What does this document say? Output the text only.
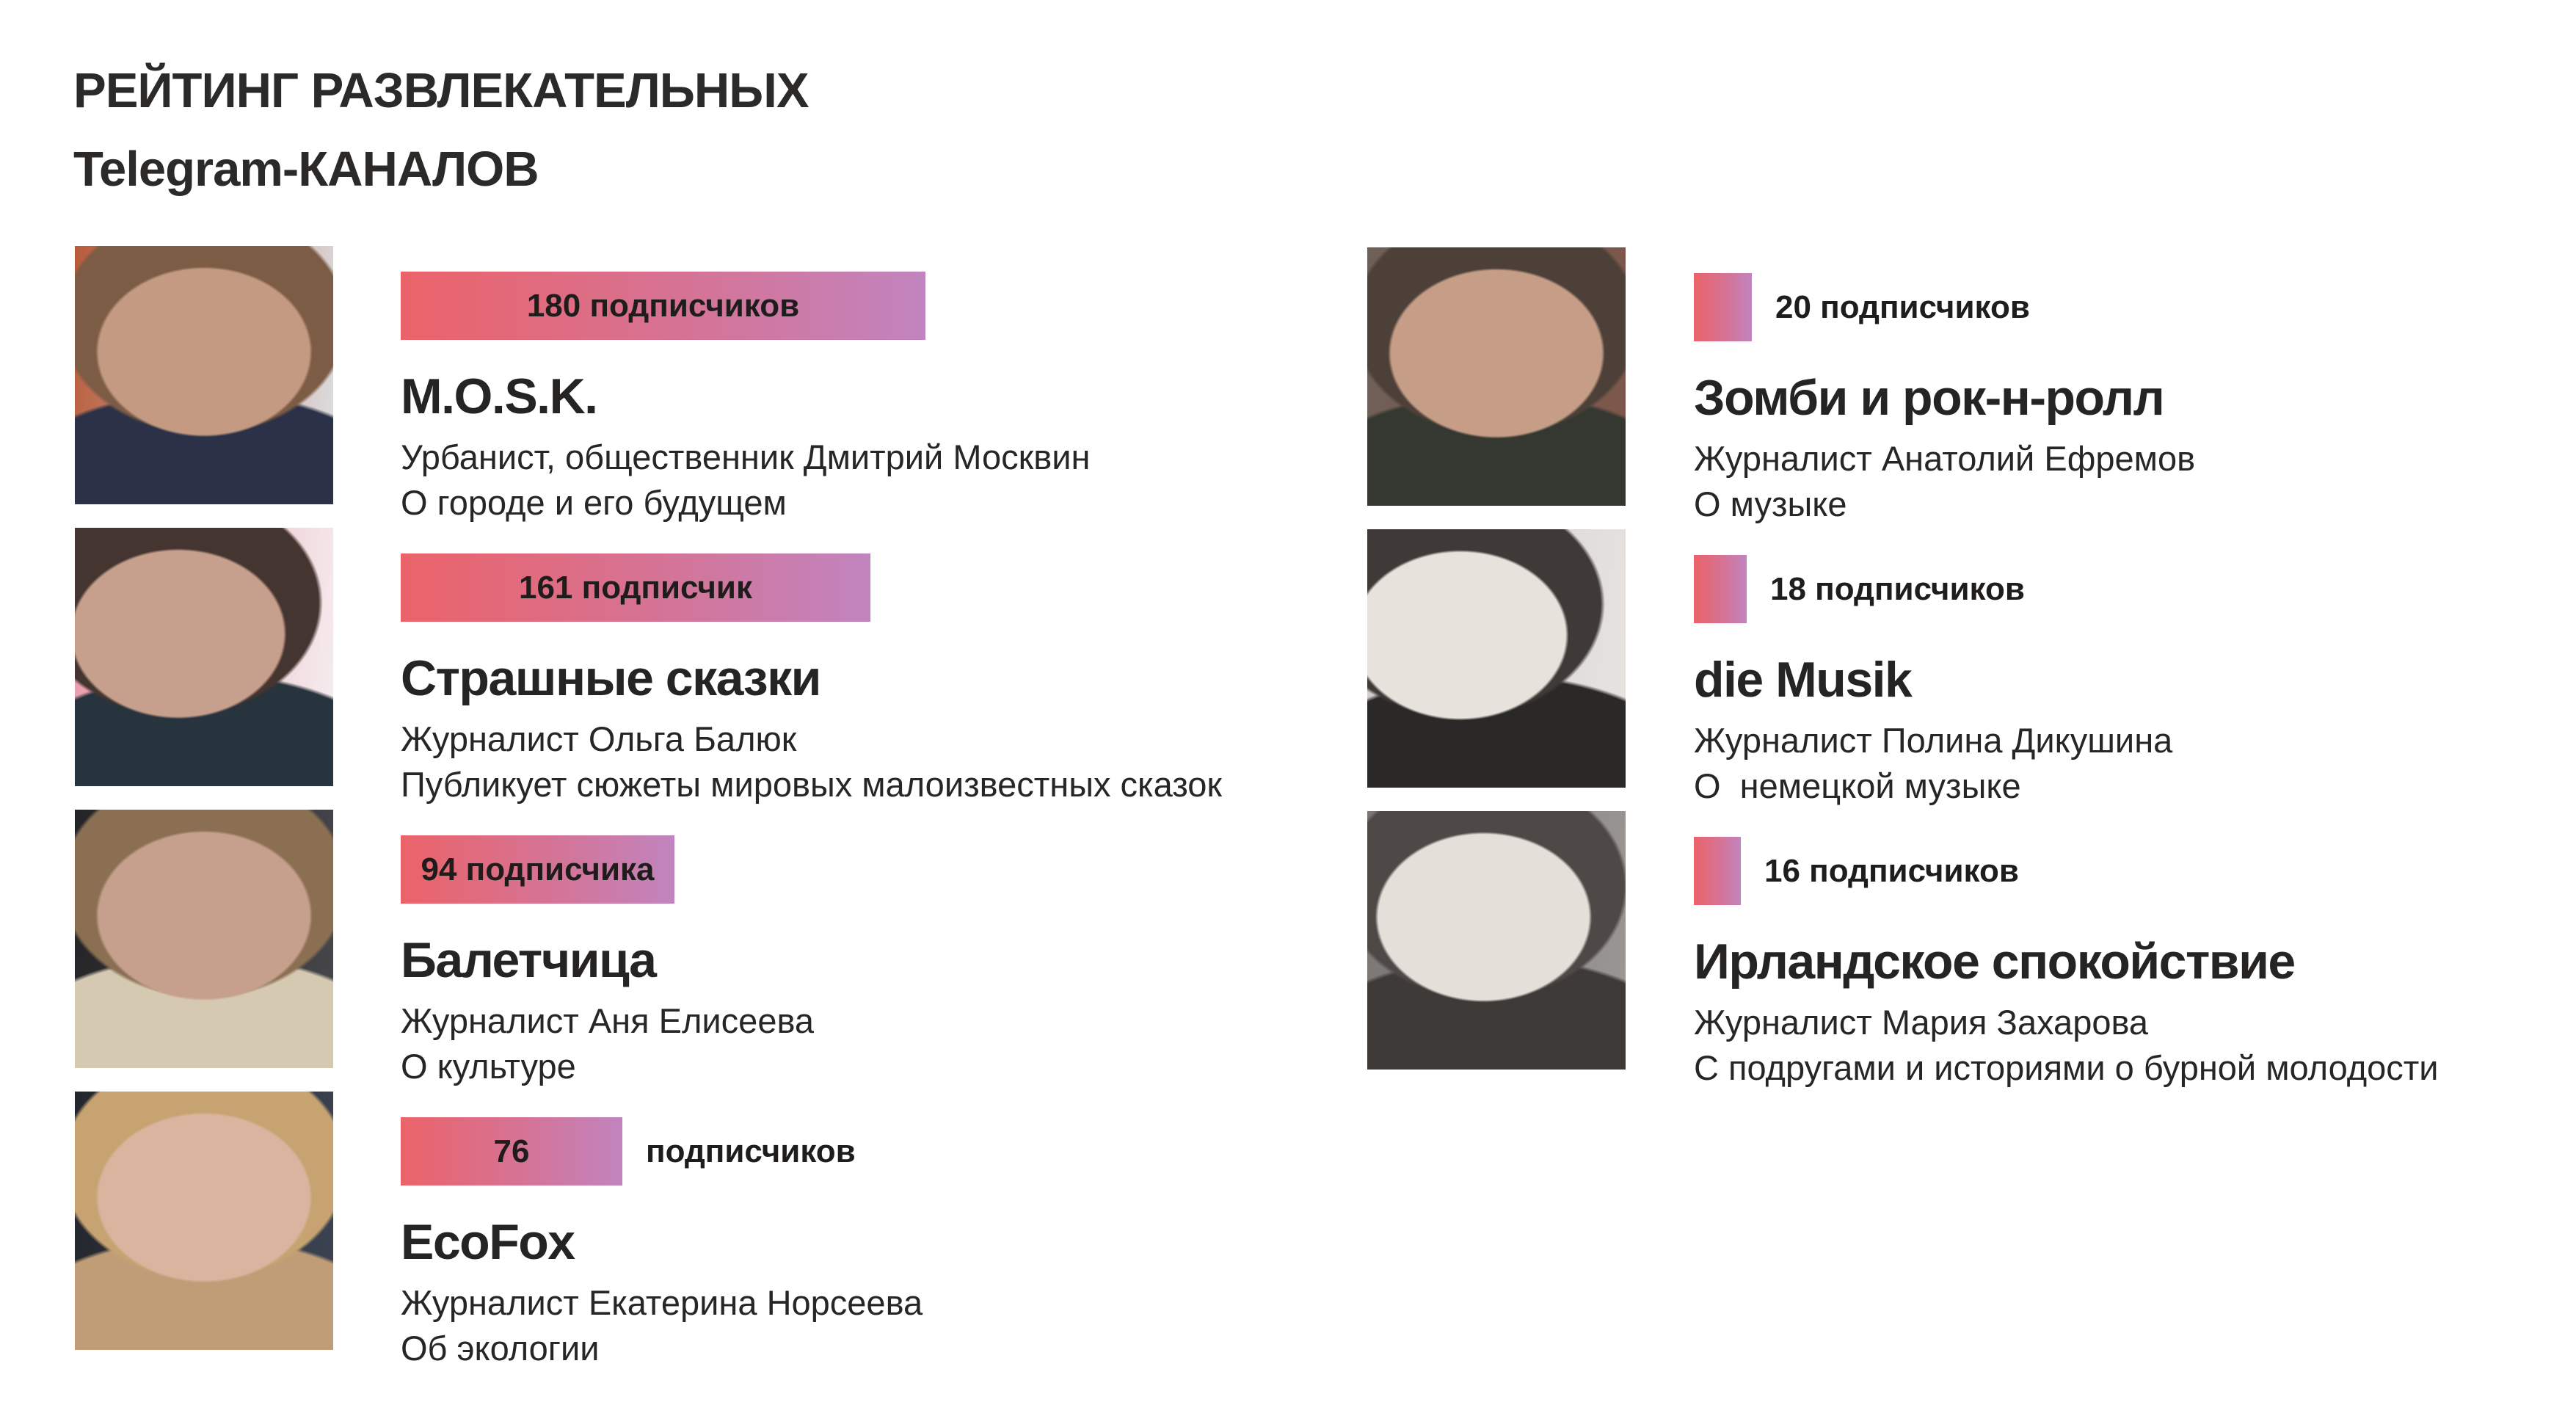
РЕЙТИНГ РАЗВЛЕКАТЕЛЬНЫХ
Telegram-КАНАЛОВ
180 подписчиков
M.O.S.K.
Урбанист, общественник Дмитрий Москвин
О городе и его будущем
161 подписчик
Страшные сказки
Журналист Ольга Балюк
Публикует сюжеты мировых малоизвестных сказок
94 подписчика
Балетчица
Журналист Аня Елисеева
О культуре
76	подписчиков
EcoFox
Журналист Екатерина Норсеева
Об экологии
20 подписчиков
Зомби и рок-н-ролл
Журналист Анатолий Ефремов
О музыке
18 подписчиков
die Musik
Журналист Полина Дикушина
О  немецкой музыке
16 подписчиков
Ирландское спокойствие
Журналист Мария Захарова
С подругами и историями о бурной молодости
